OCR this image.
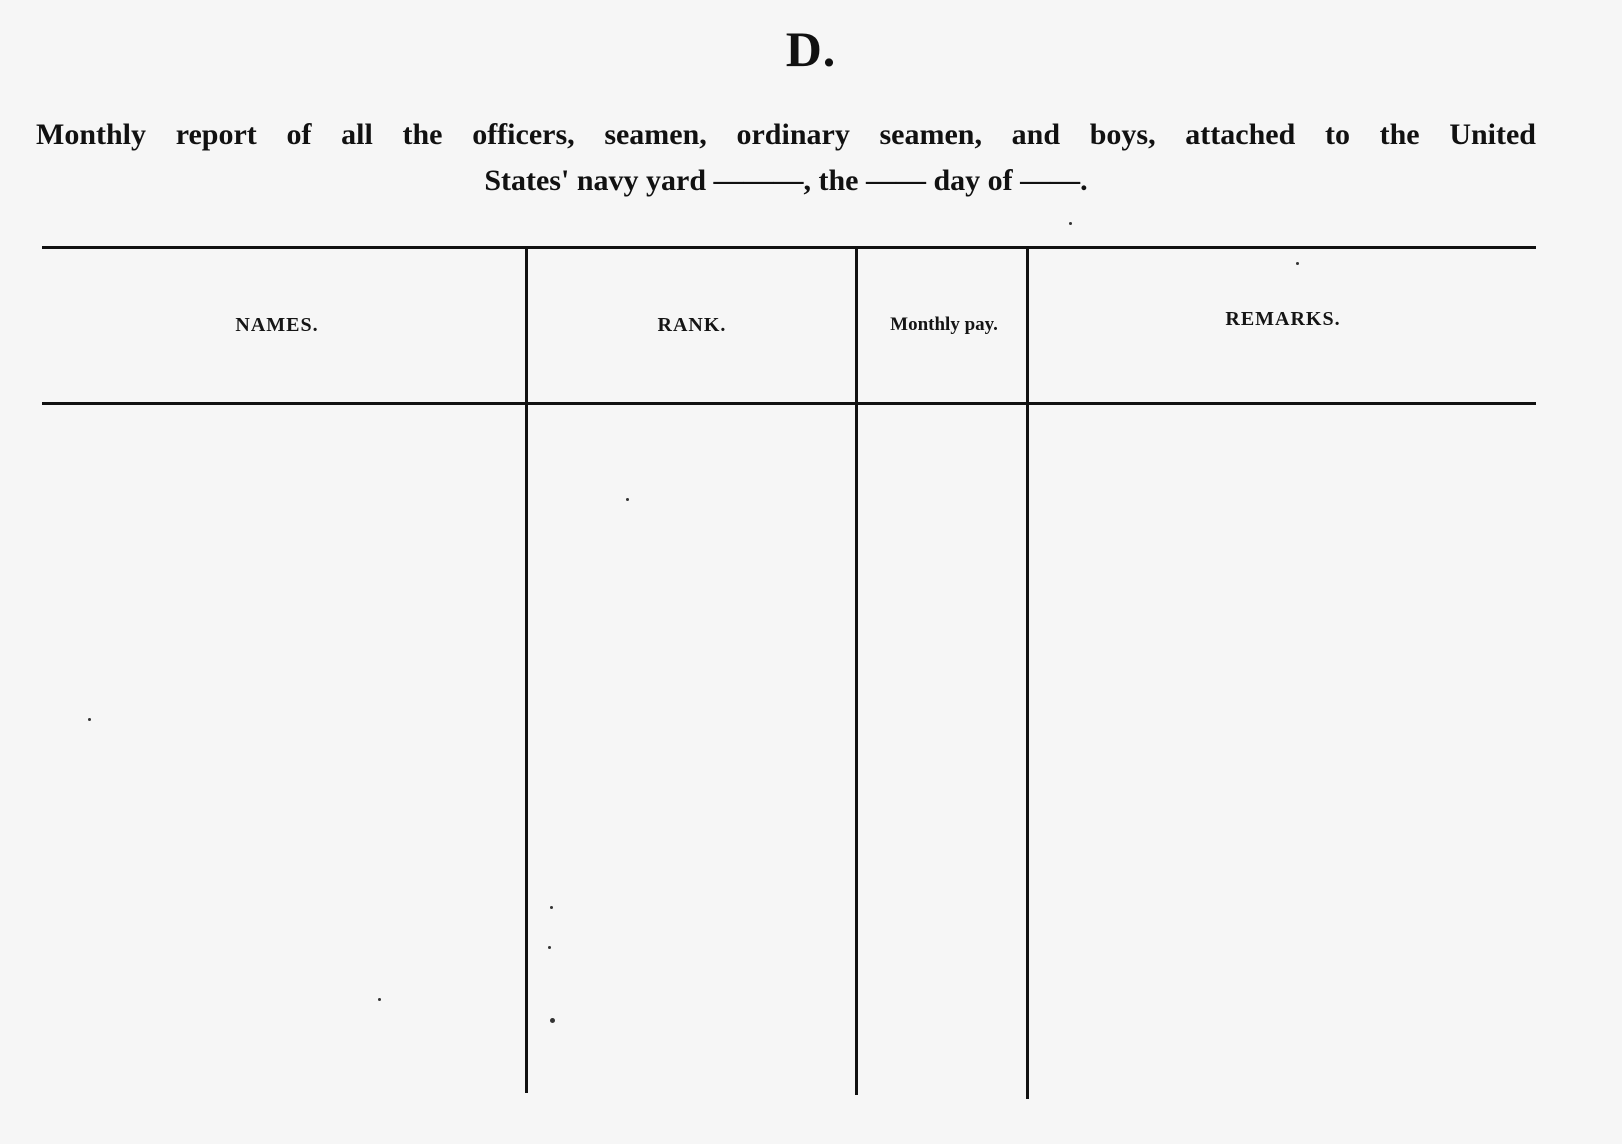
D.
Monthly report of all the officers, seamen, ordinary seamen, and boys, attached to the United
States' navy yard ———, the —— day of ——.
NAMES.	RANK.	Monthly pay.	REMARKS.
